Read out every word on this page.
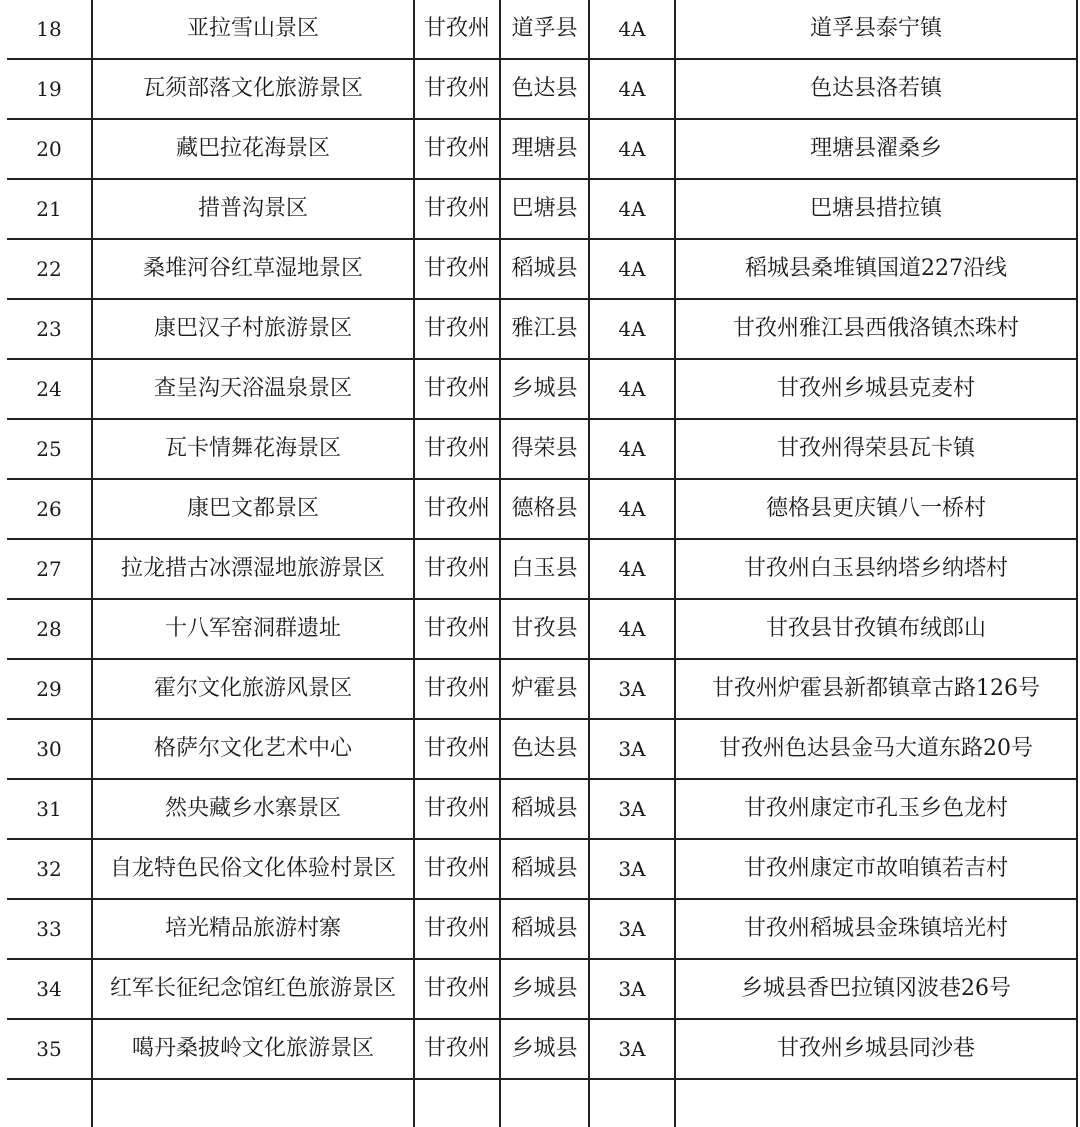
18	亚拉雪山景区	甘孜州	道孚县	4A	道孚县泰宁镇
19	瓦须部落文化旅游景区	甘孜州	色达县	4A	色达县洛若镇
20	藏巴拉花海景区	甘孜州	理塘县	4A	理塘县濯桑乡
21	措普沟景区	甘孜州	巴塘县	4A	巴塘县措拉镇
22	桑堆河谷红草湿地景区	甘孜州	稻城县	4A	稻城县桑堆镇国道227沿线
23	康巴汉子村旅游景区	甘孜州	雅江县	4A	甘孜州雅江县西俄洛镇杰珠村
24	查呈沟天浴温泉景区	甘孜州	乡城县	4A	甘孜州乡城县克麦村
25	瓦卡情舞花海景区	甘孜州	得荣县	4A	甘孜州得荣县瓦卡镇
26	康巴文都景区	甘孜州	德格县	4A	德格县更庆镇八一桥村
27	拉龙措古冰漂湿地旅游景区	甘孜州	白玉县	4A	甘孜州白玉县纳塔乡纳塔村
28	十八军窑洞群遗址	甘孜州	甘孜县	4A	甘孜县甘孜镇布绒郎山
29	霍尔文化旅游风景区	甘孜州	炉霍县	3A	甘孜州炉霍县新都镇章古路126号
30	格萨尔文化艺术中心	甘孜州	色达县	3A	甘孜州色达县金马大道东路20号
31	然央藏乡水寨景区	甘孜州	稻城县	3A	甘孜州康定市孔玉乡色龙村
32	自龙特色民俗文化体验村景区	甘孜州	稻城县	3A	甘孜州康定市故咱镇若吉村
33	培光精品旅游村寨	甘孜州	稻城县	3A	甘孜州稻城县金珠镇培光村
34	红军长征纪念馆红色旅游景区	甘孜州	乡城县	3A	乡城县香巴拉镇冈波巷26号
35	噶丹桑披岭文化旅游景区	甘孜州	乡城县	3A	甘孜州乡城县同沙巷
